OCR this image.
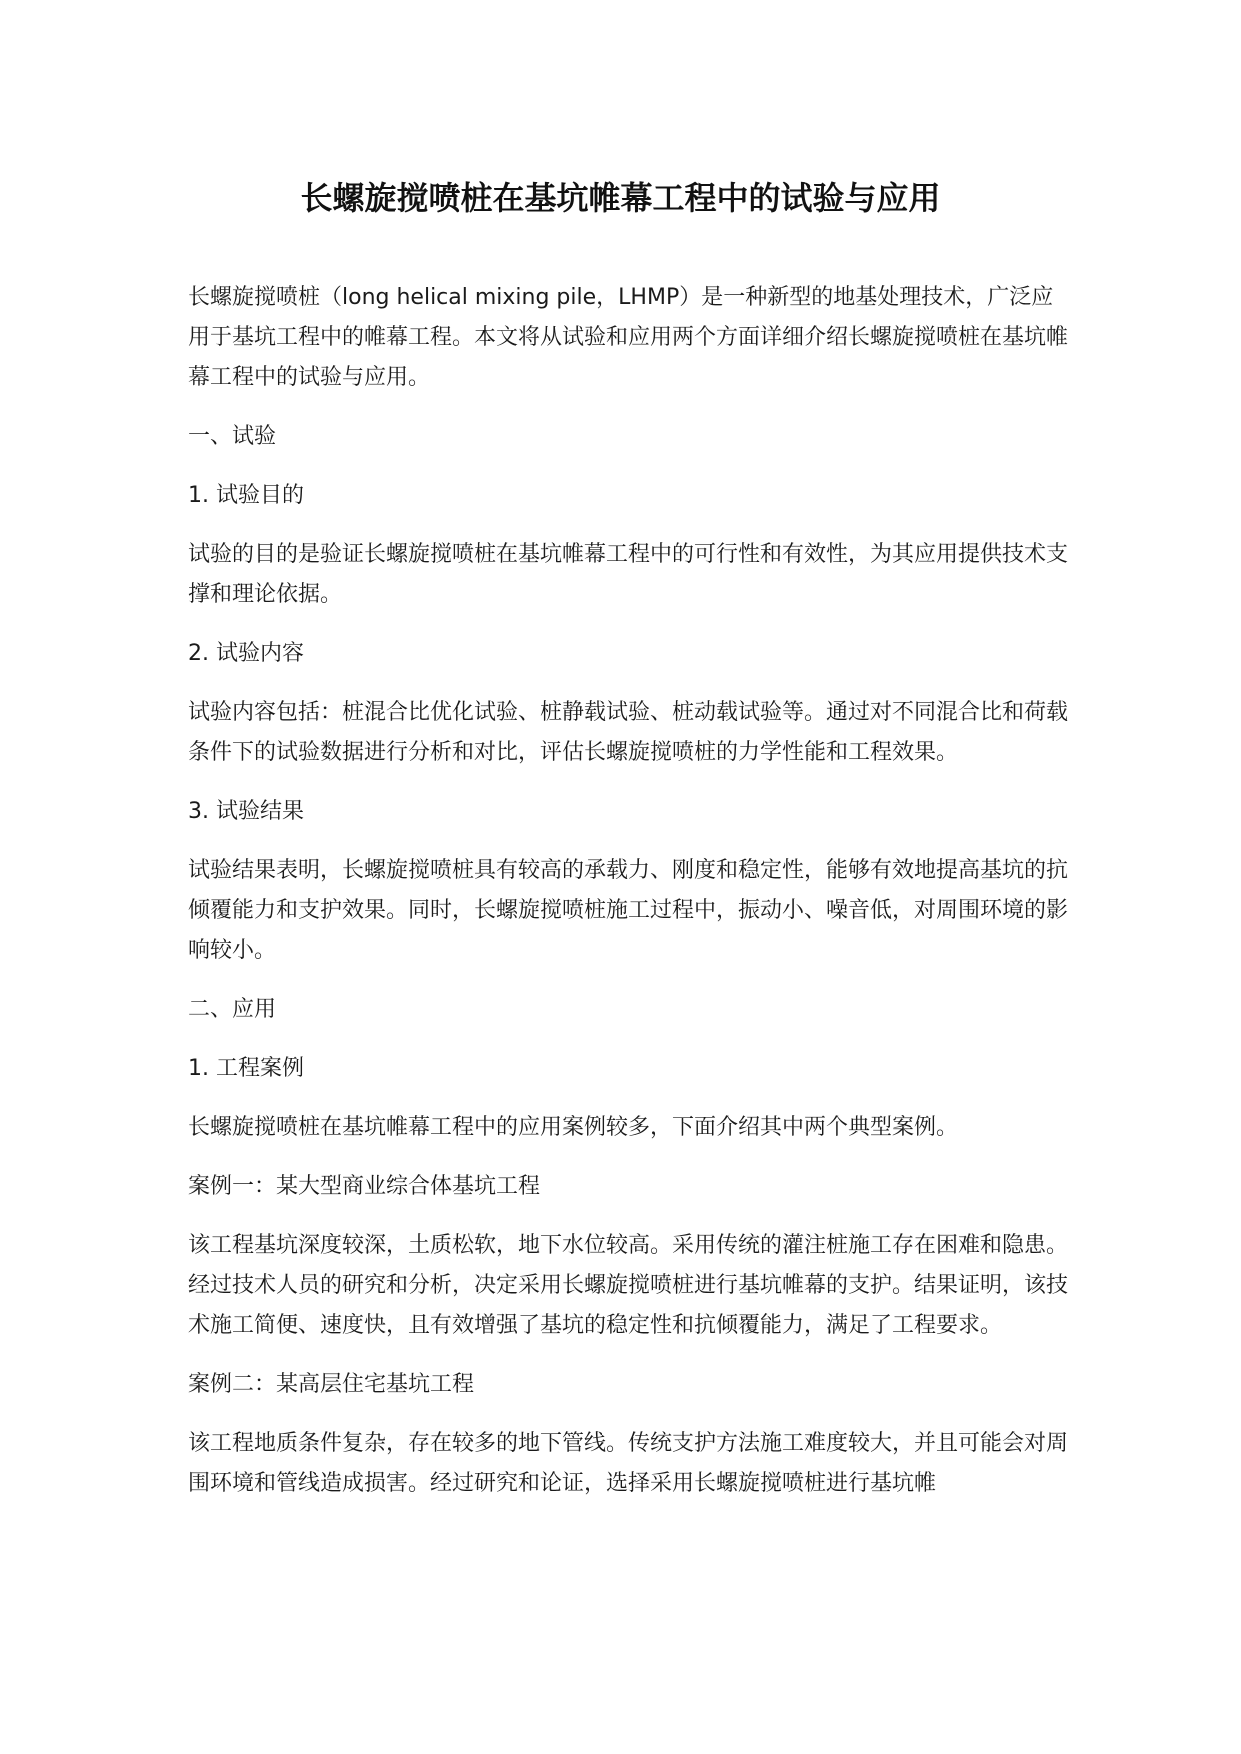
长螺旋搅喷桩在基坑帷幕工程中的试验与应用

长螺旋搅喷桩（long helical mixing pile，LHMP）是一种新型的地基处理技术，广泛应用于基坑工程中的帷幕工程。本文将从试验和应用两个方面详细介绍长螺旋搅喷桩在基坑帷幕工程中的试验与应用。

一、试验

1. 试验目的

试验的目的是验证长螺旋搅喷桩在基坑帷幕工程中的可行性和有效性，为其应用提供技术支撑和理论依据。

2. 试验内容

试验内容包括：桩混合比优化试验、桩静载试验、桩动载试验等。通过对不同混合比和荷载条件下的试验数据进行分析和对比，评估长螺旋搅喷桩的力学性能和工程效果。

3. 试验结果

试验结果表明，长螺旋搅喷桩具有较高的承载力、刚度和稳定性，能够有效地提高基坑的抗倾覆能力和支护效果。同时，长螺旋搅喷桩施工过程中，振动小、噪音低，对周围环境的影响较小。

二、应用

1. 工程案例

长螺旋搅喷桩在基坑帷幕工程中的应用案例较多，下面介绍其中两个典型案例。

案例一：某大型商业综合体基坑工程

该工程基坑深度较深，土质松软，地下水位较高。采用传统的灌注桩施工存在困难和隐患。经过技术人员的研究和分析，决定采用长螺旋搅喷桩进行基坑帷幕的支护。结果证明，该技术施工简便、速度快，且有效增强了基坑的稳定性和抗倾覆能力，满足了工程要求。

案例二：某高层住宅基坑工程

该工程地质条件复杂，存在较多的地下管线。传统支护方法施工难度较大，并且可能会对周围环境和管线造成损害。经过研究和论证，选择采用长螺旋搅喷桩进行基坑帷
